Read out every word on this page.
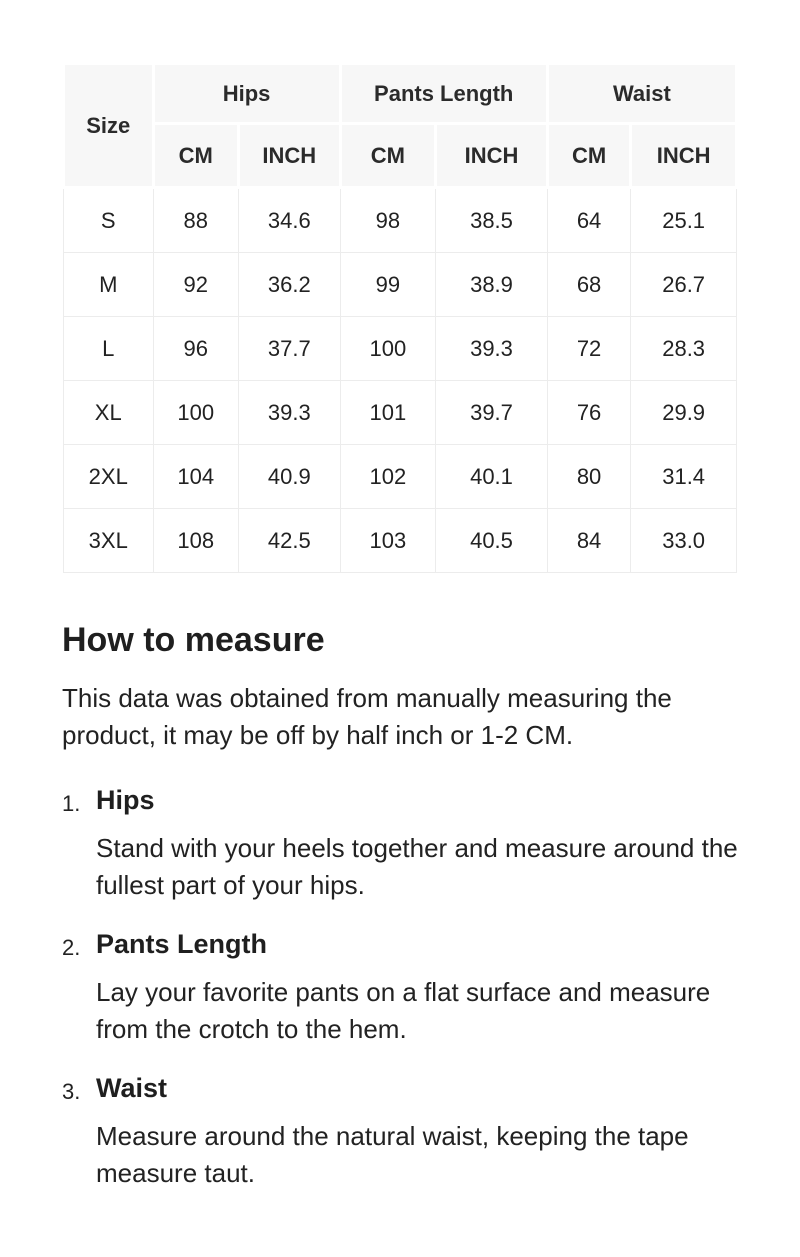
Size	Hips		Pants Length		Waist	
	CM	INCH	CM	INCH	CM	INCH
S	88	34.6	98	38.5	64	25.1
M	92	36.2	99	38.9	68	26.7
L	96	37.7	100	39.3	72	28.3
XL	100	39.3	101	39.7	76	29.9
2XL	104	40.9	102	40.1	80	31.4
3XL	108	42.5	103	40.5	84	33.0
How to measure

This data was obtained from manually measuring the product, it may be off by half inch or 1-2 CM.

1. Hips

Stand with your heels together and measure around the fullest part of your hips.

2. Pants Length

Lay your favorite pants on a flat surface and measure from the crotch to the hem.

3. Waist

Measure around the natural waist, keeping the tape measure taut.
